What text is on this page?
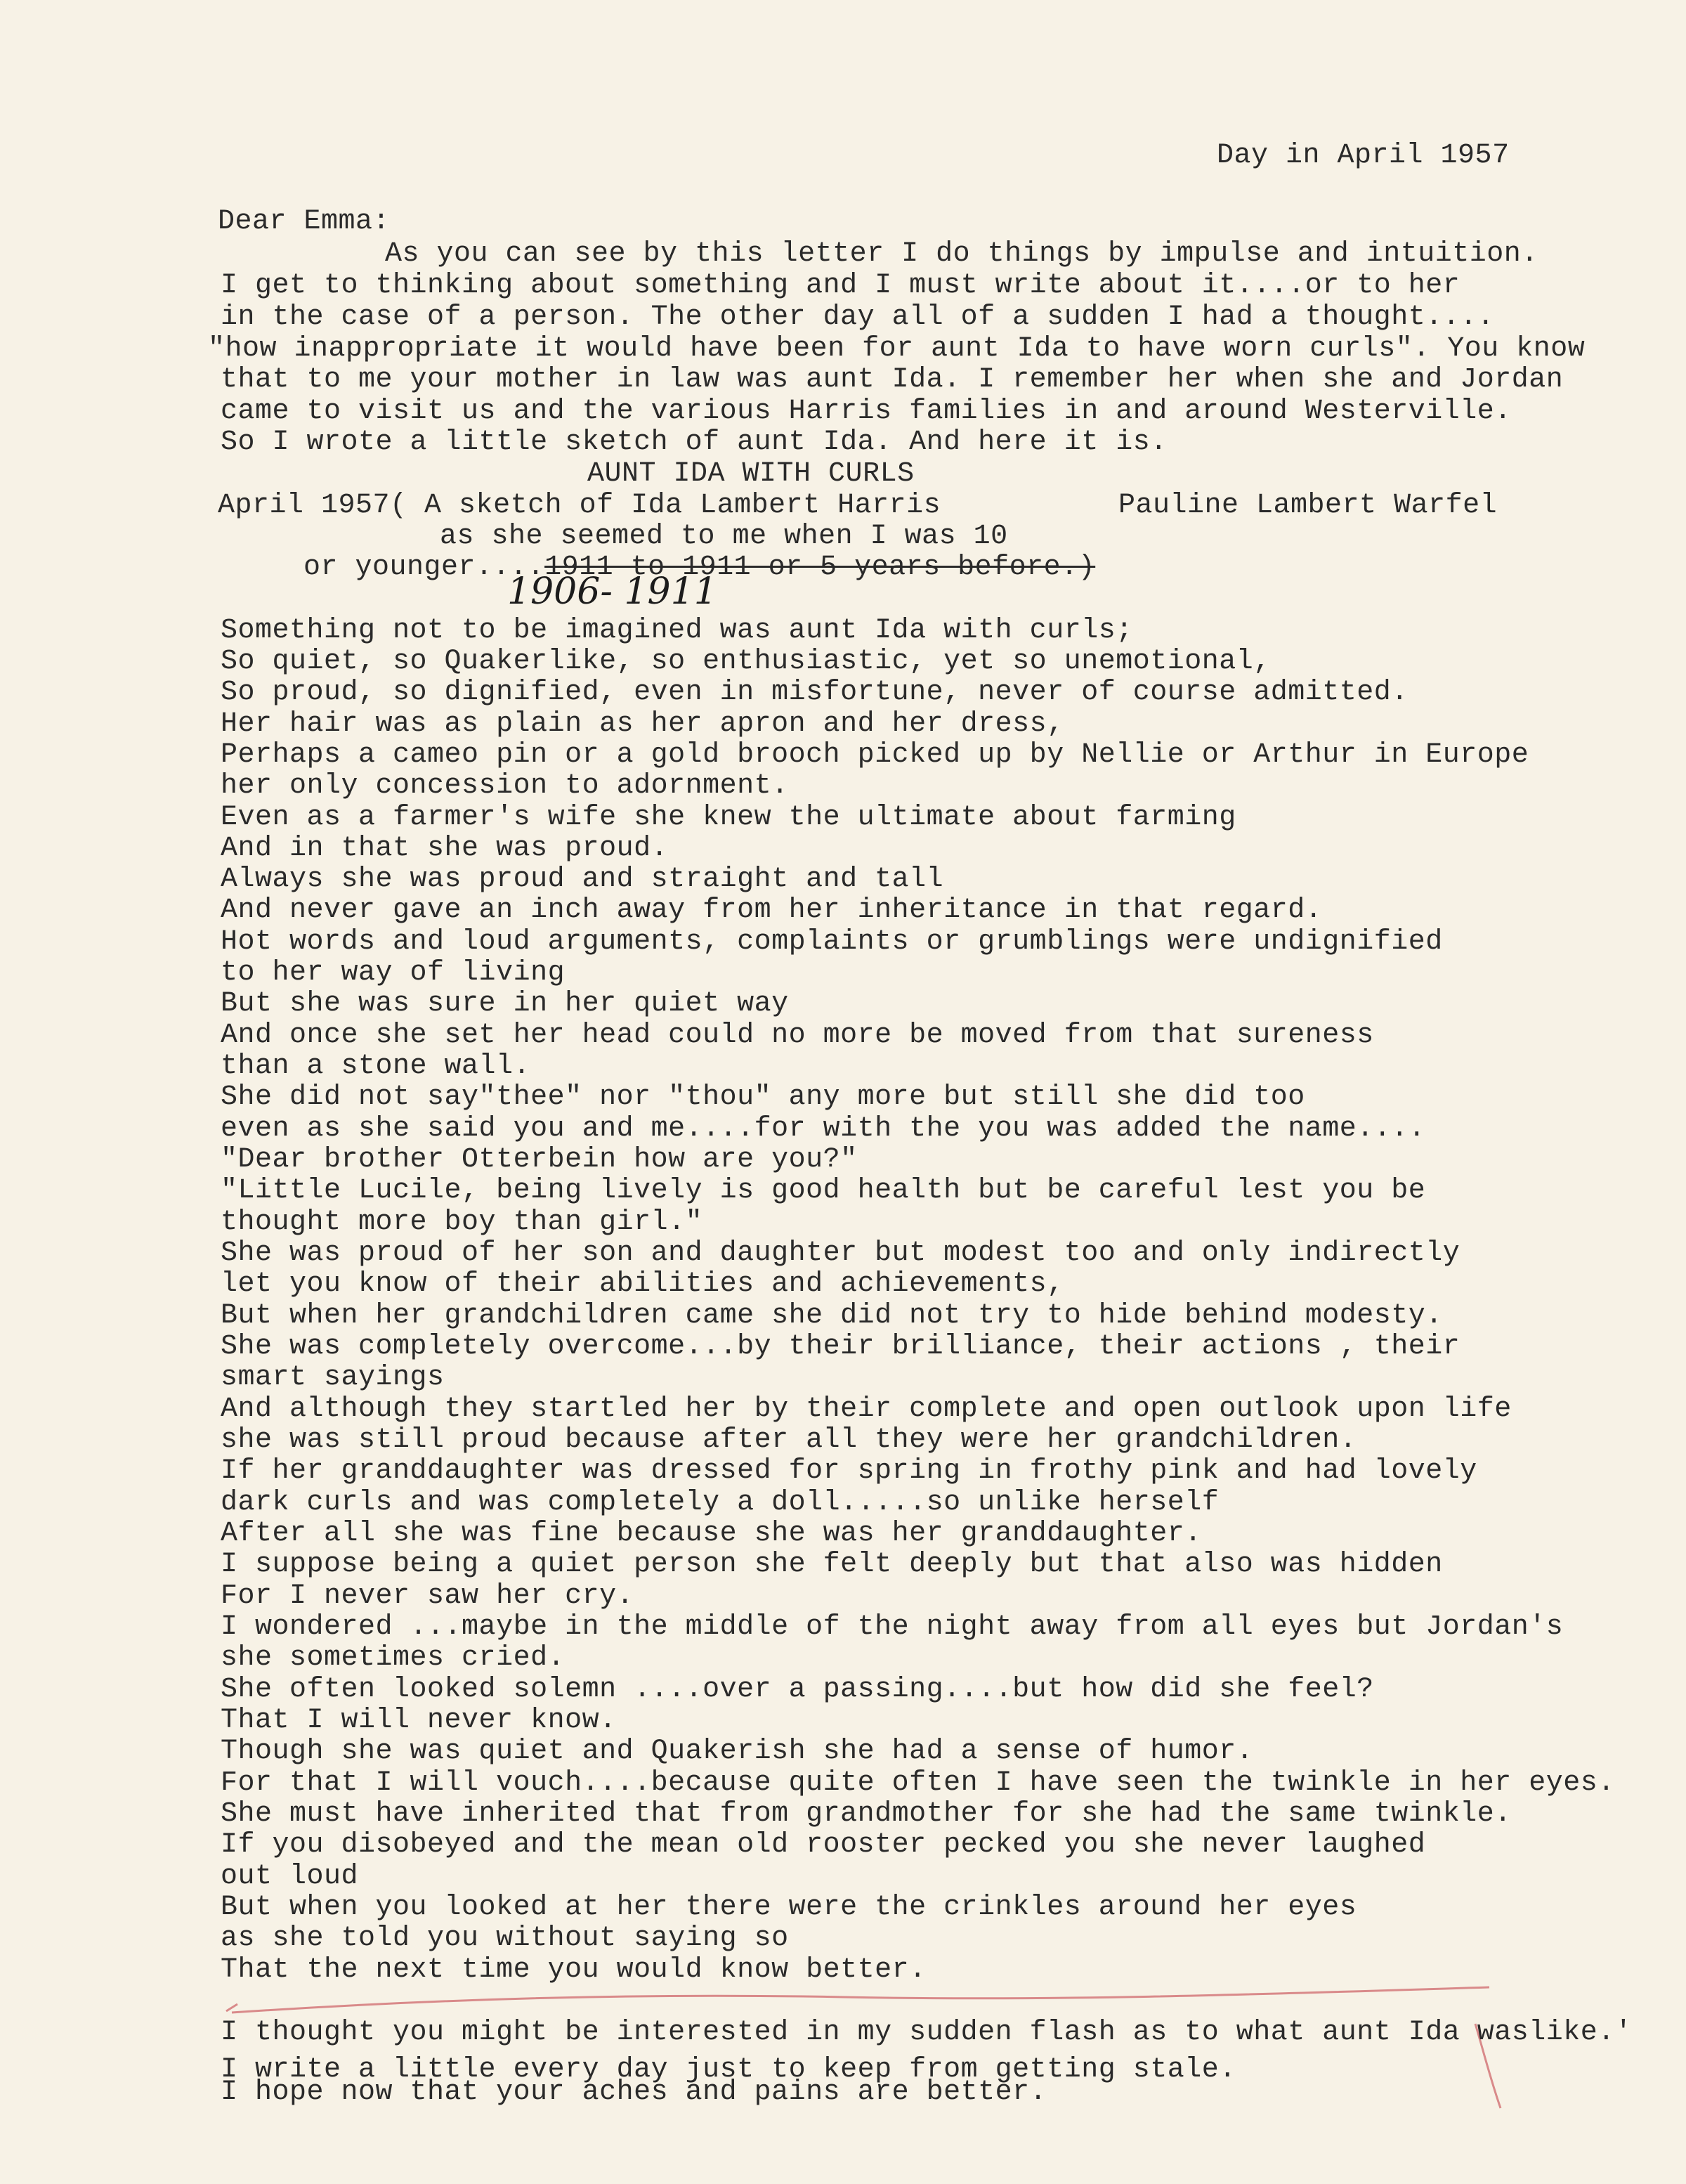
Day in April 1957
Dear Emma:
As you can see by this letter I do things by impulse and intuition.
I get to thinking about something and I must write about it....or to her
in the case of a person. The other day all of a sudden I had a thought....
"how inappropriate it would have been for aunt Ida to have worn curls". You know
that to me your mother in law was aunt Ida. I remember her when she and Jordan
came to visit us and the various Harris families in and around Westerville.
So I wrote a little sketch of aunt Ida. And here it is.
AUNT IDA WITH CURLS
April 1957( A sketch of Ida Lambert Harris	Pauline Lambert Warfel
as she seemed to me when I was 10
or younger....1911 to 1911 or 5 years before.)
1906- 1911
Something not to be imagined was aunt Ida with curls;
So quiet, so Quakerlike, so enthusiastic, yet so unemotional,
So proud, so dignified, even in misfortune, never of course admitted.
Her hair was as plain as her apron and her dress,
Perhaps a cameo pin or a gold brooch picked up by Nellie or Arthur in Europe
her only concession to adornment.
Even as a farmer's wife she knew the ultimate about farming
And in that she was proud.
Always she was proud and straight and tall
And never gave an inch away from her inheritance in that regard.
Hot words and loud arguments, complaints or grumblings were undignified
to her way of living
But she was sure in her quiet way
And once she set her head could no more be moved from that sureness
than a stone wall.
She did not say"thee" nor "thou" any more but still she did too
even as she said you and me....for with the you was added the name....
"Dear brother Otterbein how are you?"
"Little Lucile, being lively is good health but be careful lest you be
thought more boy than girl."
She was proud of her son and daughter but modest too and only indirectly
let you know of their abilities and achievements,
But when her grandchildren came she did not try to hide behind modesty.
She was completely overcome...by their brilliance, their actions , their
smart sayings
And although they startled her by their complete and open outlook upon life
she was still proud because after all they were her grandchildren.
If her granddaughter was dressed for spring in frothy pink and had lovely
dark curls and was completely a doll.....so unlike herself
After all she was fine because she was her granddaughter.
I suppose being a quiet person she felt deeply but that also was hidden
For I never saw her cry.
I wondered ...maybe in the middle of the night away from all eyes but Jordan's
she sometimes cried.
She often looked solemn ....over a passing....but how did she feel?
That I will never know.
Though she was quiet and Quakerish she had a sense of humor.
For that I will vouch....because quite often I have seen the twinkle in her eyes.
She must have inherited that from grandmother for she had the same twinkle.
If you disobeyed and the mean old rooster pecked you she never laughed
out loud
But when you looked at her there were the crinkles around her eyes
as she told you without saying so
That the next time you would know better.
I thought you might be interested in my sudden flash as to what aunt Ida waslike.'
I write a little every day just to keep from getting stale.
I hope now that your aches and pains are better.
